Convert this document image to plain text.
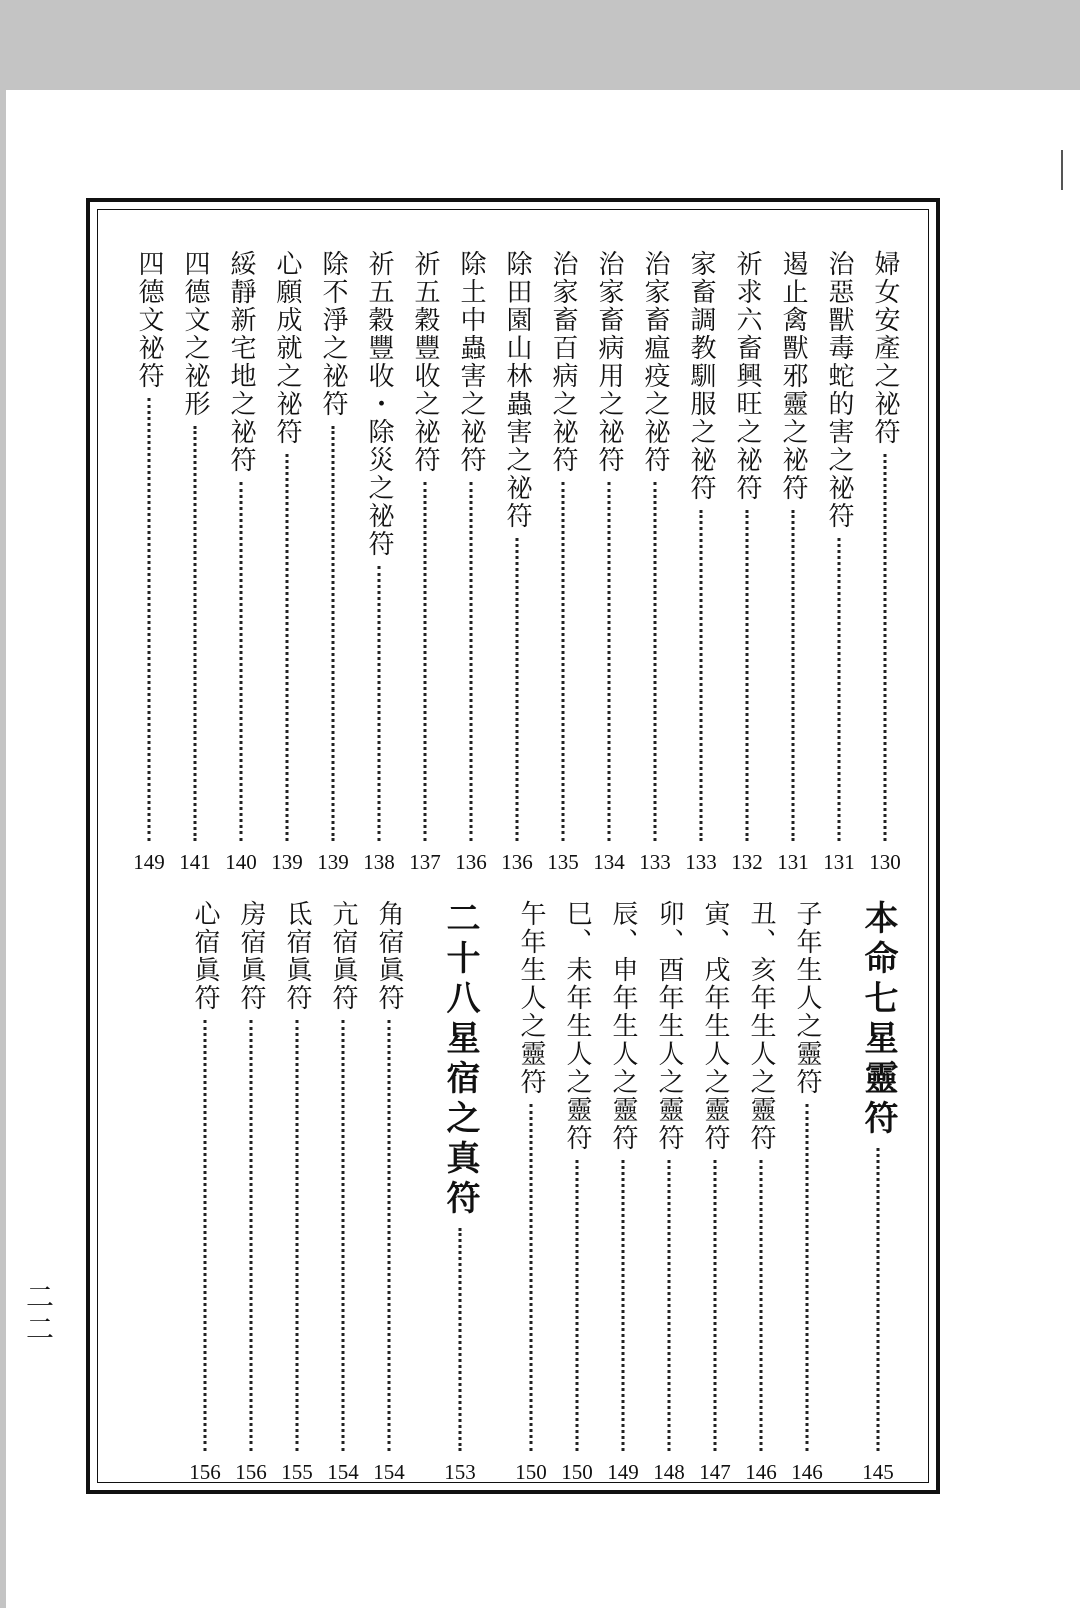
婦女安產之祕符
130
治惡獸毒蛇的害之祕符
131
遏止禽獸邪靈之祕符
131
祈求六畜興旺之祕符
132
家畜調教馴服之祕符
133
治家畜瘟疫之祕符
133
治家畜病用之祕符
134
治家畜百病之祕符
135
除田園山林蟲害之祕符
136
除土中蟲害之祕符
136
祈五穀豐收之祕符
137
祈五穀豐收・除災之祕符
138
除不淨之祕符
139
心願成就之祕符
139
綏靜新宅地之祕符
140
四德文之祕形
141
四德文祕符
149
本命七星靈符
145
子年生人之靈符
146
丑、亥年生人之靈符
146
寅、戌年生人之靈符
147
卯、酉年生人之靈符
148
辰、申年生人之靈符
149
巳、未年生人之靈符
150
午年生人之靈符
150
二十八星宿之真符
153
角宿眞符
154
亢宿眞符
154
氐宿眞符
155
房宿眞符
156
心宿眞符
156
二二
